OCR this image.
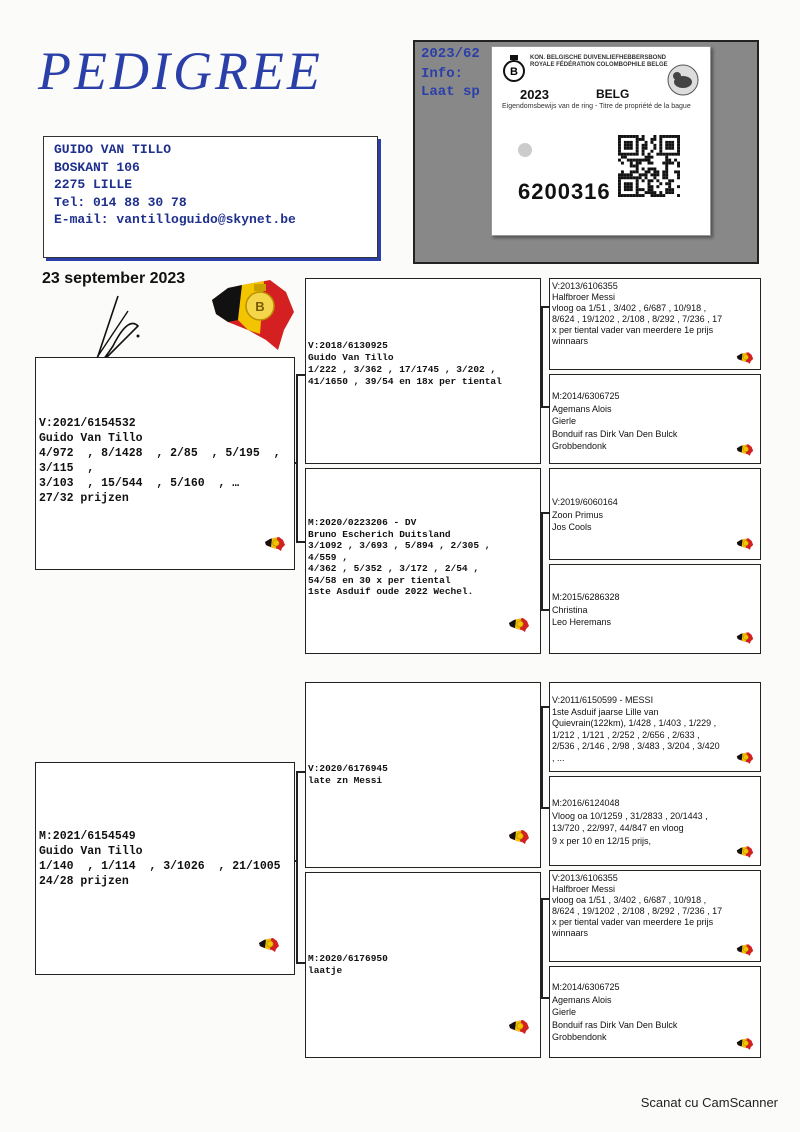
PEDIGREE
GUIDO VAN TILLO
BOSKANT 106
2275 LILLE
Tel: 014 88 30 78
E-mail: vantilloguido@skynet.be
2023/62
Info:
Laat sp
B
KON. BELGISCHE DUIVENLIEFHEBBERSBOND
ROYALE FÉDÉRATION COLOMBOPHILE BELGE
2023	BELG
Eigendomsbewijs van de ring - Titre de propriété de la bague
6200316
23 september 2023
B
V:2021/6154532
Guido Van Tillo
4/972  , 8/1428  , 2/85  , 5/195  ,
3/115  ,
3/103  , 15/544  , 5/160  , …
27/32 prijzen
M:2021/6154549
Guido Van Tillo
1/140  , 1/114  , 3/1026  , 21/1005
24/28 prijzen
V:2018/6130925
Guido Van Tillo
1/222 , 3/362 , 17/1745 , 3/202 ,
41/1650 , 39/54 en 18x per tiental
M:2020/0223206 - DV
Bruno Escherich Duitsland
3/1092 , 3/693 , 5/894 , 2/305 ,
4/559 ,
4/362 , 5/352 , 3/172 , 2/54 ,
54/58 en 30 x per tiental
1ste Asduif oude 2022 Wechel.
V:2020/6176945
late zn Messi
M:2020/6176950
laatje
V:2013/6106355
Halfbroer Messi
vloog oa 1/51 , 3/402 , 6/687 , 10/918 ,
8/624 , 19/1202 , 2/108 , 8/292 , 7/236 , 17
x per tiental vader van meerdere 1e prijs
winnaars
M:2014/6306725
Agemans Alois
Gierle
Bonduif ras Dirk Van Den Bulck
Grobbendonk
V:2019/6060164
Zoon Primus
Jos Cools
M:2015/6286328
Christina
Leo Heremans
V:2011/6150599 - MESSI
1ste Asduif jaarse Lille van
Quievrain(122km), 1/428 , 1/403 , 1/229 ,
1/212 , 1/121 , 2/252 , 2/656 , 2/633 ,
2/536 , 2/146 , 2/98 , 3/483 , 3/204 , 3/420
, ...
M:2016/6124048
Vloog oa 10/1259 , 31/2833 , 20/1443 ,
13/720 , 22/997, 44/847 en vloog
9 x per 10 en 12/15 prijs,
V:2013/6106355
Halfbroer Messi
vloog oa 1/51 , 3/402 , 6/687 , 10/918 ,
8/624 , 19/1202 , 2/108 , 8/292 , 7/236 , 17
x per tiental vader van meerdere 1e prijs
winnaars
M:2014/6306725
Agemans Alois
Gierle
Bonduif ras Dirk Van Den Bulck
Grobbendonk
Scanat cu CamScanner
